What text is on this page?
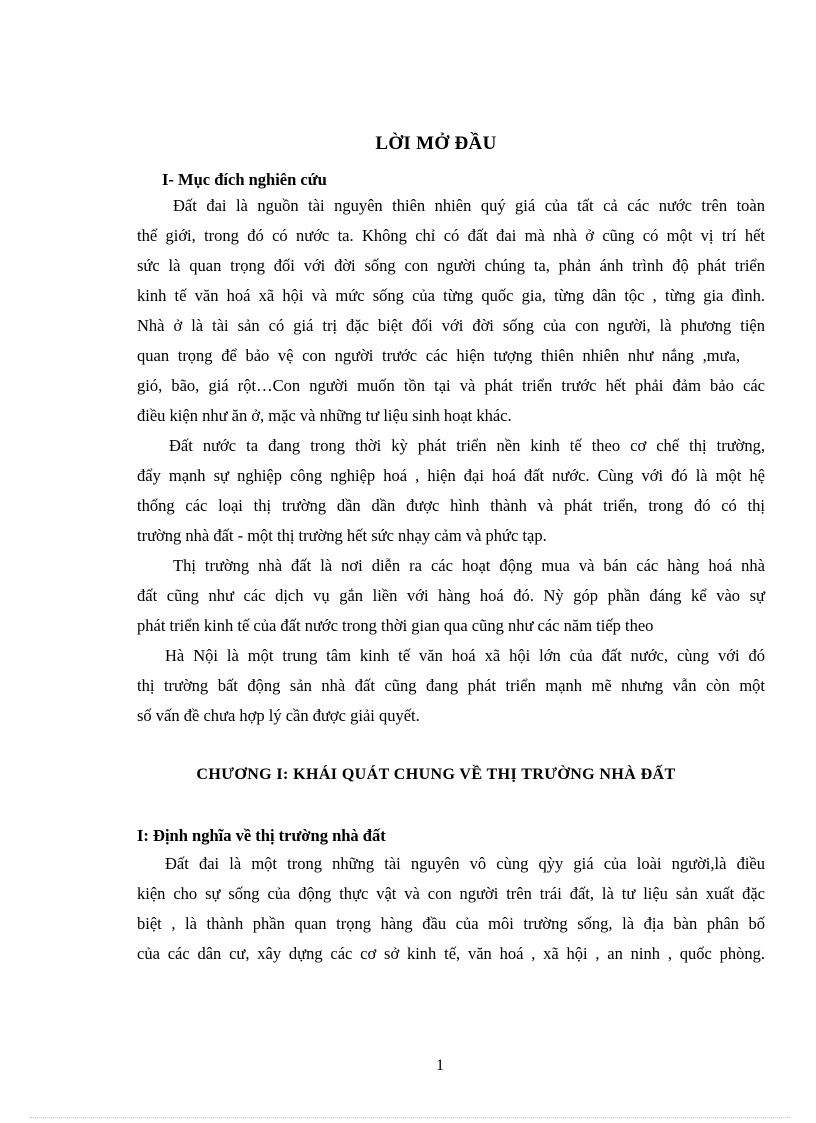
LỜI MỞ ĐẦU
I- Mục đích nghiên cứu
Đất đai là nguồn tài nguyên thiên nhiên quý giá của tất cả các nước trên toàn
thế giới, trong đó có nước ta. Không chỉ có đất đai mà nhà ở cũng có một vị trí hết
sức là quan trọng đối với đời sống con người chúng ta, phản ánh trình độ phát triển
kinh tế văn hoá xã hội và mức sống của từng quốc gia, từng dân tộc , từng gia đình.
Nhà ở là tài sản có giá trị đặc biệt đối với đời sống của con người, là phương tiện
quan trọng để bảo vệ con người trước các hiện tượng thiên nhiên như nắng ,mưa,
gió, bão, giá rột…Con người muốn tồn tại và phát triển trước hết phải đảm bảo các
điều kiện như ăn ở, mặc và những tư liệu sinh hoạt khác.
Đất nước ta đang trong thời kỳ phát triển nền kinh tế theo cơ chế thị trường,
đẩy mạnh sự nghiệp công nghiệp hoá , hiện đại hoá đất nước. Cùng với đó là một hệ
thống các loại thị trường dần dần được hình thành và phát triển, trong đó có thị
trường nhà đất - một thị trường hết sức nhạy cảm và phức tạp.
Thị trường nhà đất là nơi diễn ra các hoạt động mua và bán các hàng hoá nhà
đất cũng như các dịch vụ gắn liền với hàng hoá đó. Nỳ góp phần đáng kể vào sự
phát triển kinh tế của đất nước trong thời gian qua cũng như các năm tiếp theo
Hà Nội là một trung tâm kinh tế văn hoá xã hội lớn của đất nước, cùng với đó
thị trường bất động sản nhà đất cũng đang phát triển mạnh mẽ nhưng vẫn còn một
số vấn đề chưa hợp lý cần được giải quyết.
CHƯƠNG I: KHÁI QUÁT CHUNG VỀ THỊ TRƯỜNG NHÀ ĐẤT
I: Định nghĩa về thị trường nhà đất
Đất đai là một trong những tài nguyên vô cùng qỳy giá của loài người,là điều
kiện cho sự sống của động thực vật và con người trên trái đất, là tư liệu sản xuất đặc
biệt , là thành phần quan trọng hàng đầu của môi trường sống, là địa bàn phân bố
của các dân cư, xây dựng các cơ sở kinh tế, văn hoá , xã hội , an ninh , quốc phòng.
1
